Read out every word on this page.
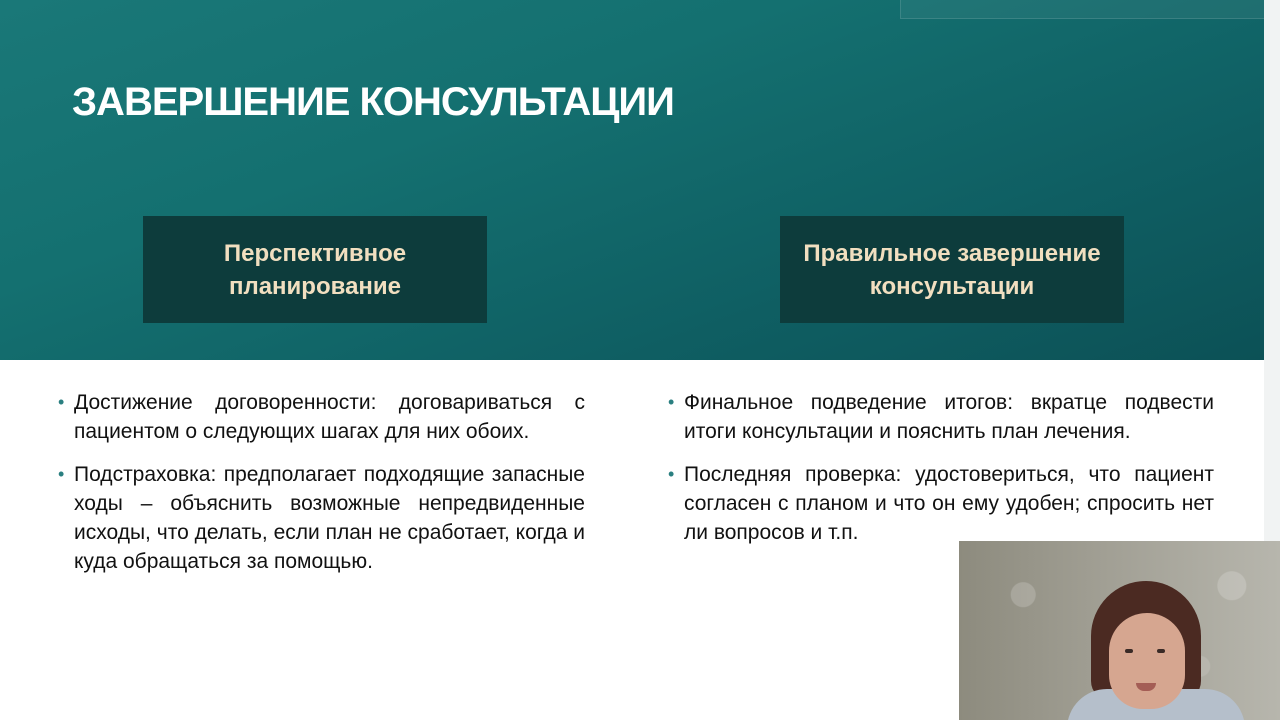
ЗАВЕРШЕНИЕ КОНСУЛЬТАЦИИ
Перспективное планирование
Правильное завершение консультации
• Достижение договоренности: договариваться с пациентом о следующих шагах для них обоих.
• Подстраховка: предполагает подходящие запасные ходы – объяснить возможные непредвиденные исходы, что делать, если план не сработает, когда и куда обращаться за помощью.
• Финальное подведение итогов: вкратце подвести итоги консультации и пояснить план лечения.
• Последняя проверка: удостовериться, что пациент согласен с планом и что он ему удобен; спросить нет ли вопросов и т.п.
